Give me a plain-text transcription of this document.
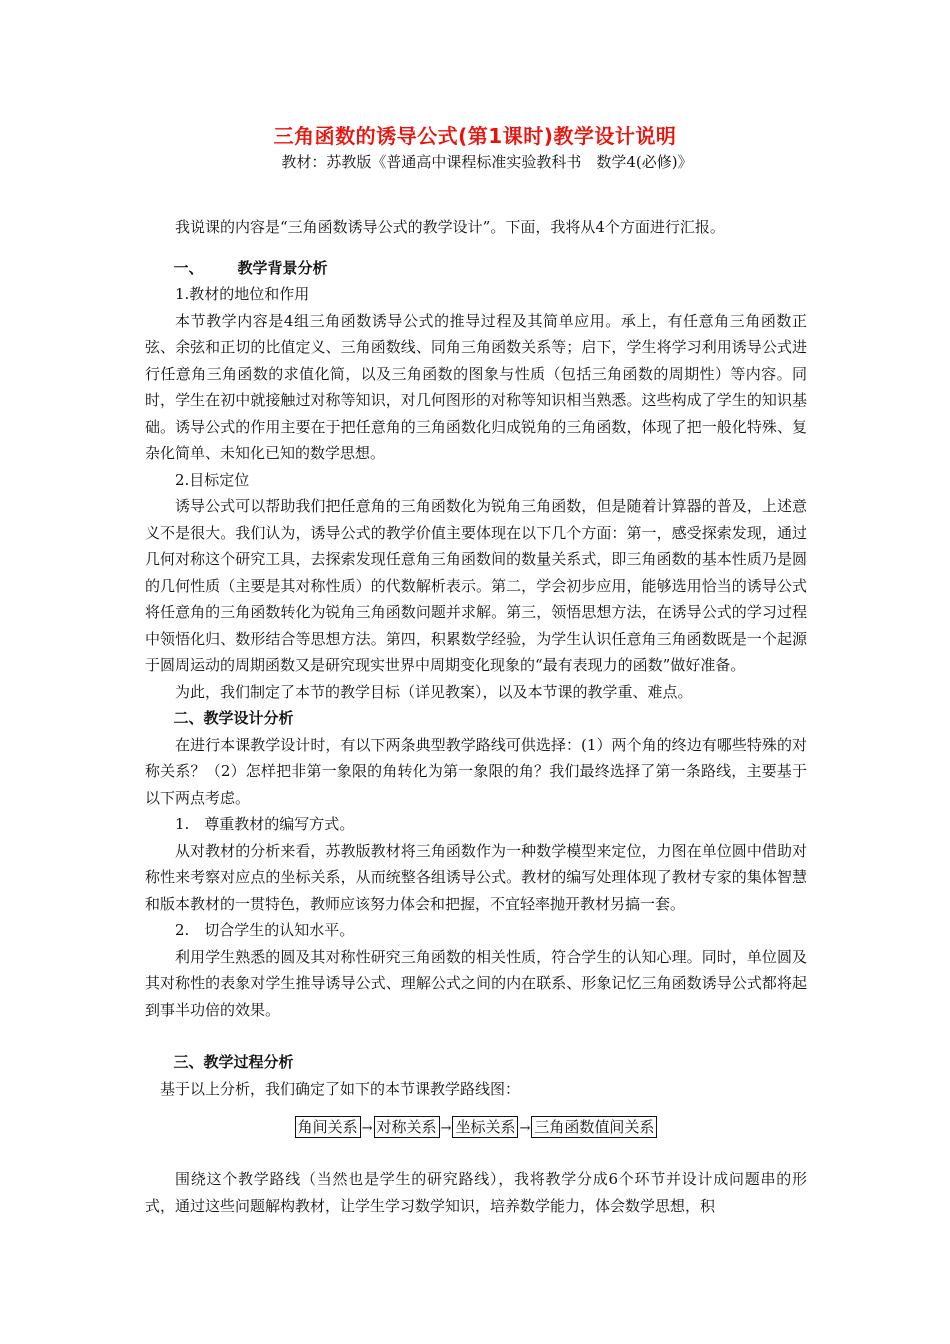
三角函数的诱导公式(第1课时)教学设计说明
教材：苏教版《普通高中课程标准实验教科书　数学4(必修)》

我说课的内容是“三角函数诱导公式的教学设计”。下面，我将从4个方面进行汇报。

一、 教学背景分析

1.教材的地位和作用

本节教学内容是4组三角函数诱导公式的推导过程及其简单应用。承上，有任意角三角函数正弦、余弦和正切的比值定义、三角函数线、同角三角函数关系等；启下，学生将学习利用诱导公式进行任意角三角函数的求值化简，以及三角函数的图象与性质（包括三角函数的周期性）等内容。同时，学生在初中就接触过对称等知识，对几何图形的对称等知识相当熟悉。这些构成了学生的知识基础。诱导公式的作用主要在于把任意角的三角函数化归成锐角的三角函数，体现了把一般化特殊、复杂化简单、未知化已知的数学思想。

2.目标定位

诱导公式可以帮助我们把任意角的三角函数化为锐角三角函数，但是随着计算器的普及，上述意义不是很大。我们认为，诱导公式的教学价值主要体现在以下几个方面：第一，感受探索发现，通过几何对称这个研究工具，去探索发现任意角三角函数间的数量关系式，即三角函数的基本性质乃是圆的几何性质（主要是其对称性质）的代数解析表示。第二，学会初步应用，能够选用恰当的诱导公式将任意角的三角函数转化为锐角三角函数问题并求解。第三，领悟思想方法，在诱导公式的学习过程中领悟化归、数形结合等思想方法。第四，积累数学经验，为学生认识任意角三角函数既是一个起源于圆周运动的周期函数又是研究现实世界中周期变化现象的“最有表现力的函数”做好准备。

为此，我们制定了本节的教学目标（详见教案），以及本节课的教学重、难点。

二、教学设计分析

在进行本课教学设计时，有以下两条典型教学路线可供选择：(1）两个角的终边有哪些特殊的对称关系？（2）怎样把非第一象限的角转化为第一象限的角？我们最终选择了第一条路线，主要基于以下两点考虑。

1.　尊重教材的编写方式。

从对教材的分析来看，苏教版教材将三角函数作为一种数学模型来定位，力图在单位圆中借助对称性来考察对应点的坐标关系，从而统整各组诱导公式。教材的编写处理体现了教材专家的集体智慧和版本教材的一贯特色，教师应该努力体会和把握，不宜轻率抛开教材另搞一套。

2.　切合学生的认知水平。

利用学生熟悉的圆及其对称性研究三角函数的相关性质，符合学生的认知心理。同时，单位圆及其对称性的表象对学生推导诱导公式、理解公式之间的内在联系、形象记忆三角函数诱导公式都将起到事半功倍的效果。

三、教学过程分析

基于以上分析，我们确定了如下的本节课教学路线图：

角间关系 → 对称关系 → 坐标关系 → 三角函数值间关系

围绕这个教学路线（当然也是学生的研究路线），我将教学分成6个环节并设计成问题串的形式，通过这些问题解构教材，让学生学习数学知识，培养数学能力，体会数学思想，积
